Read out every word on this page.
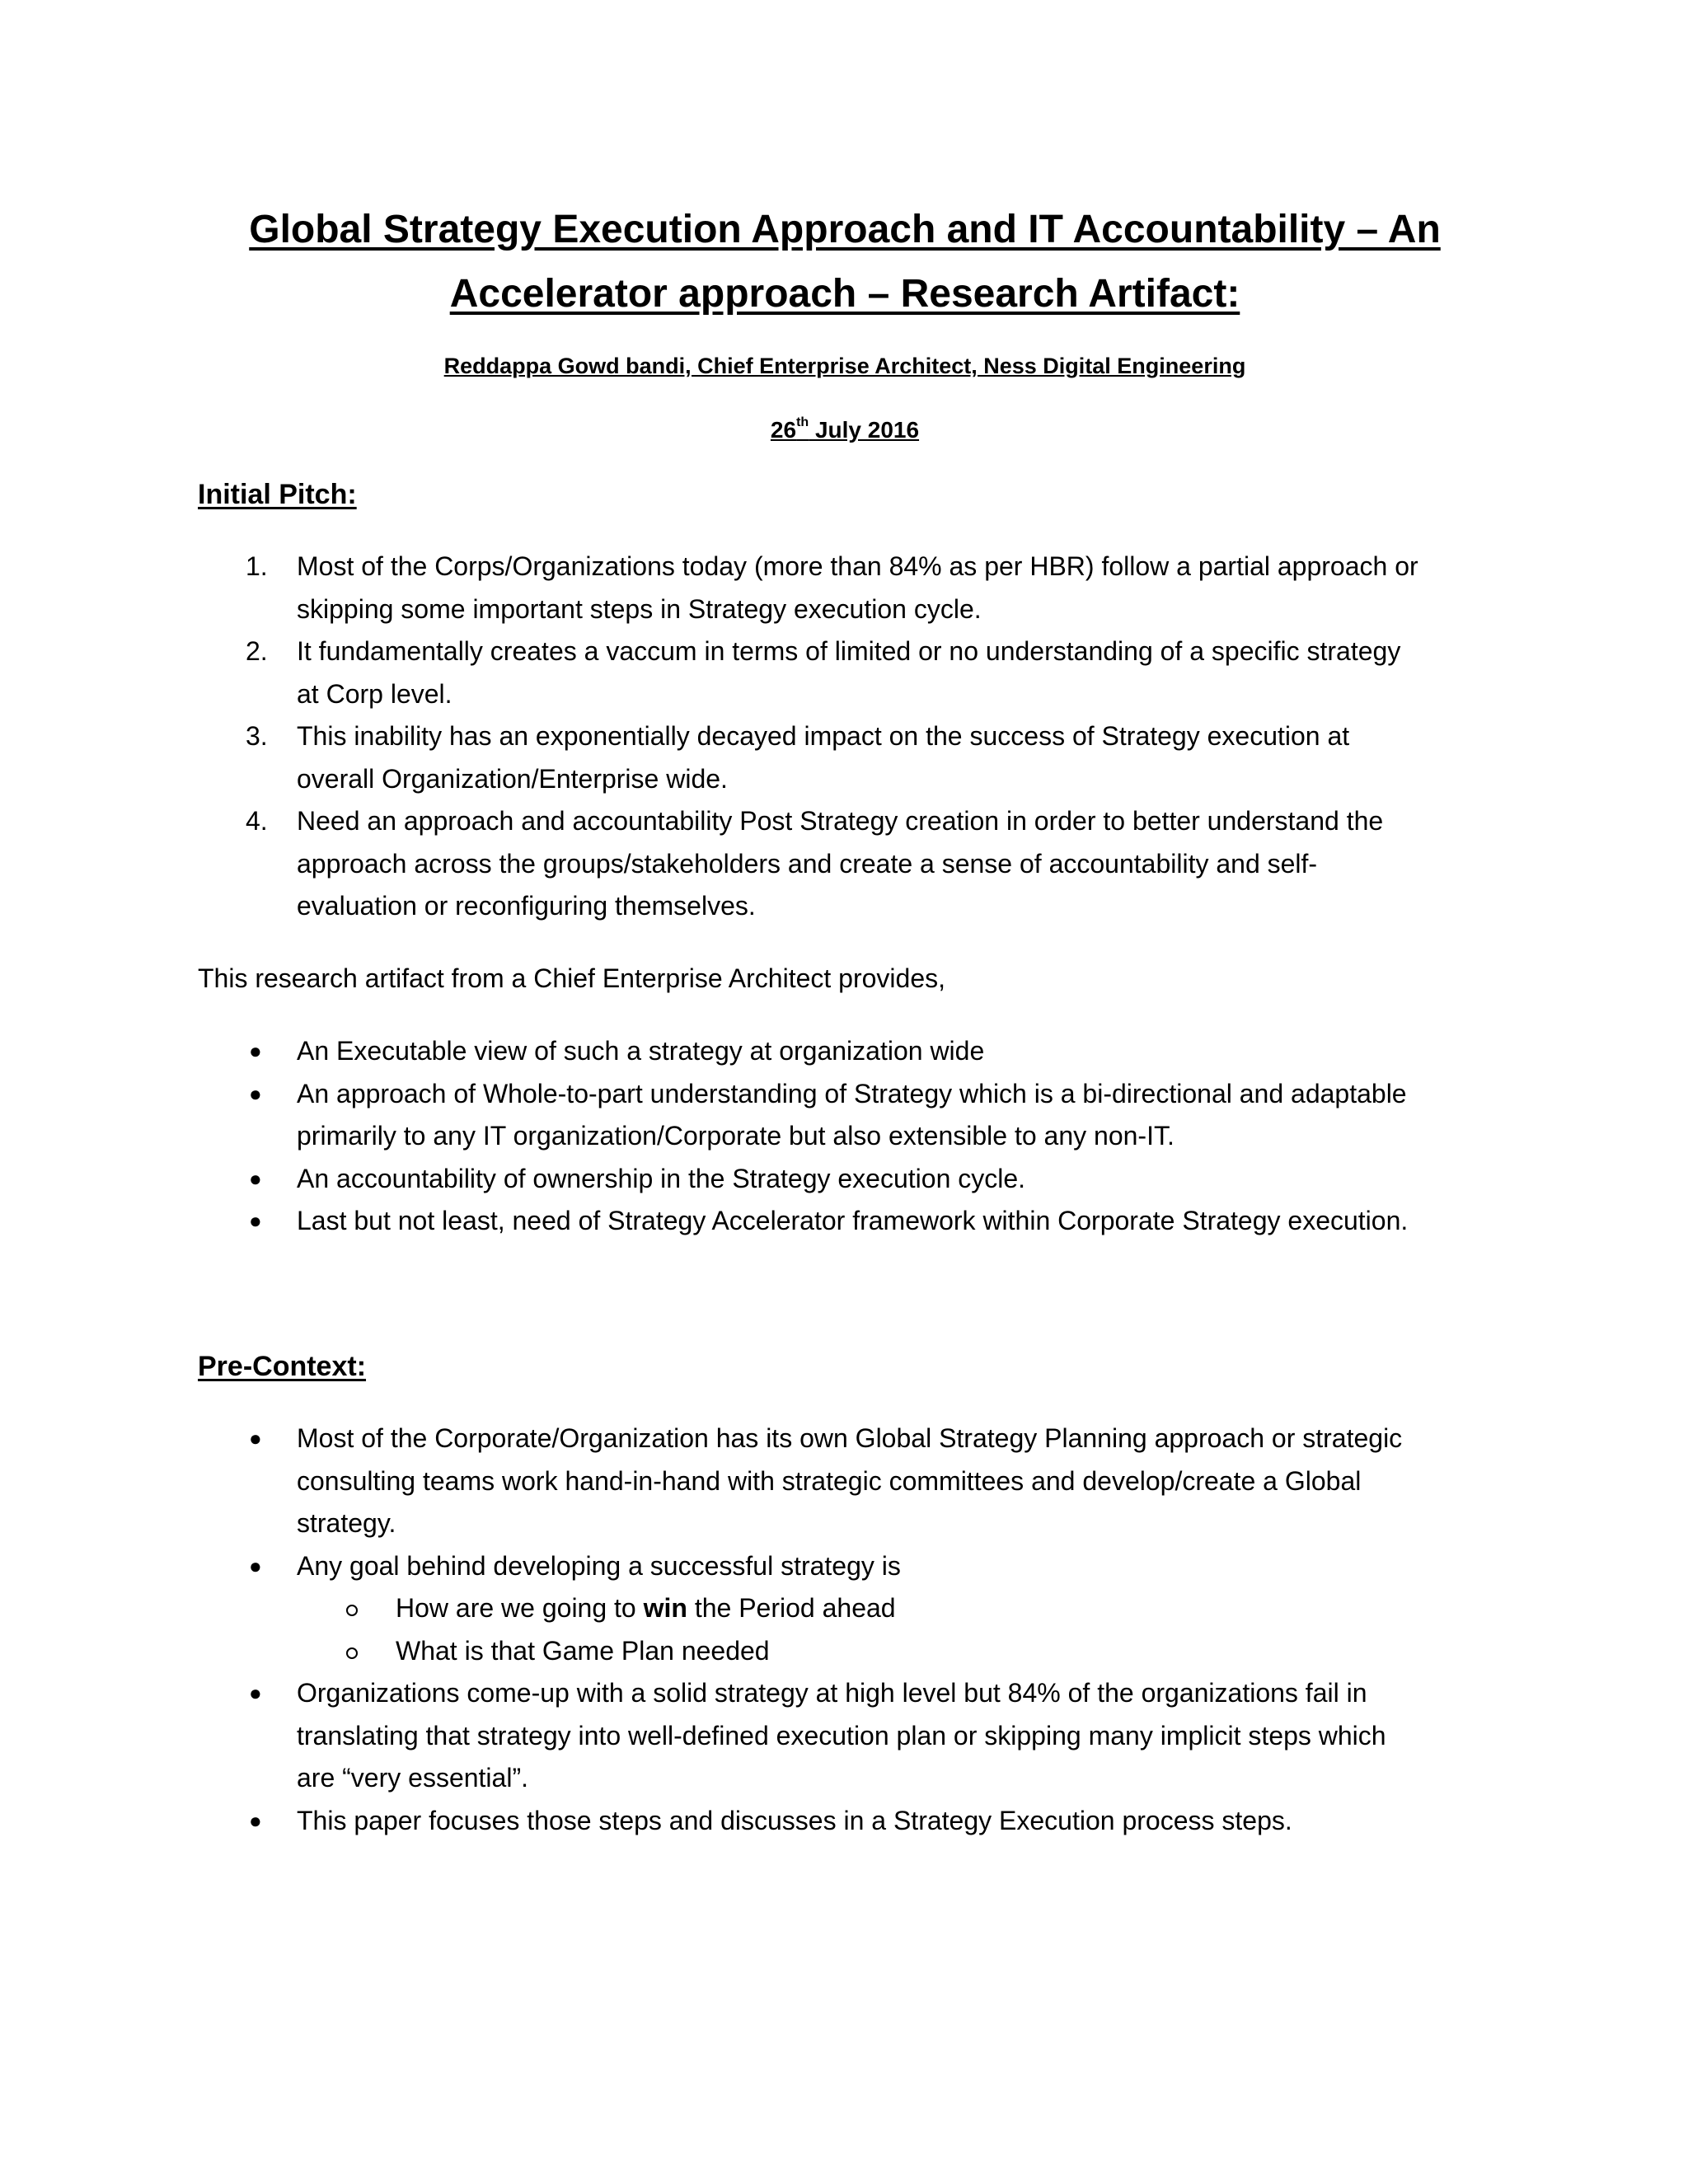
Global Strategy Execution Approach and IT Accountability – An
Accelerator approach – Research Artifact:
Reddappa Gowd bandi, Chief Enterprise Architect, Ness Digital Engineering
26th July 2016
Initial Pitch:
1.	Most of the Corps/Organizations today (more than 84% as per HBR) follow a partial approach or
skipping some important steps in Strategy execution cycle.
2.	It fundamentally creates a vaccum in terms of limited or no understanding of a specific strategy
at Corp level.
3.	This inability has an exponentially decayed impact on the success of Strategy execution at
overall Organization/Enterprise wide.
4.	Need an approach and accountability Post Strategy creation in order to better understand the
approach across the groups/stakeholders and create a sense of accountability and self-
evaluation or reconfiguring themselves.

This research artifact from a Chief Enterprise Architect provides,

●	An Executable view of such a strategy at organization wide
●	An approach of Whole-to-part understanding of Strategy which is a bi-directional and adaptable
primarily to any IT organization/Corporate but also extensible to any non-IT.
●	An accountability of ownership in the Strategy execution cycle.
●	Last but not least, need of Strategy Accelerator framework within Corporate Strategy execution.
Pre-Context:
●	Most of the Corporate/Organization has its own Global Strategy Planning approach or strategic
consulting teams work hand-in-hand with strategic committees and develop/create a Global
strategy.
●	Any goal behind developing a successful strategy is
How are we going to win the Period ahead
What is that Game Plan needed
●	Organizations come-up with a solid strategy at high level but 84% of the organizations fail in
translating that strategy into well-defined execution plan or skipping many implicit steps which
are “very essential”.
●	This paper focuses those steps and discusses in a Strategy Execution process steps.
